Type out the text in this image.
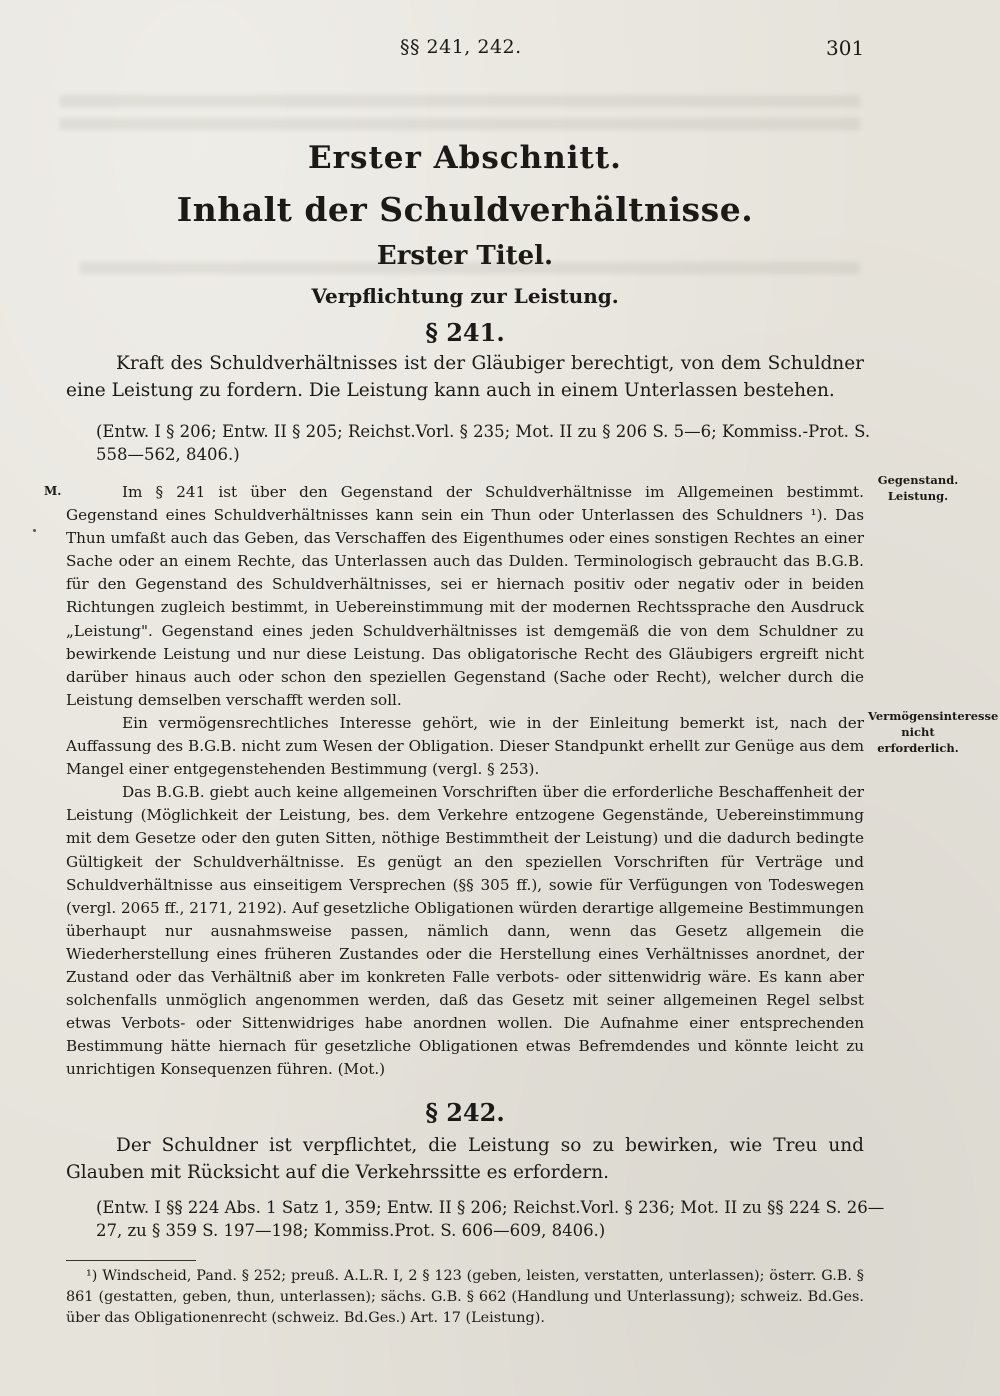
§§ 241, 242.	301
Erster Abschnitt.
Inhalt der Schuldverhältnisse.
Erster Titel.
Verpflichtung zur Leistung.
§ 241.
Kraft des Schuldverhältnisses ist der Gläubiger berechtigt, von dem Schuldner eine Leistung zu fordern. Die Leistung kann auch in einem Unterlassen bestehen.
(Entw. I § 206; Entw. II § 205; Reichst.Vorl. § 235; Mot. II zu § 206 S. 5—6; Kommiss.-Prot. S. 558—562, 8406.)
M.
Gegenstand. Leistung.
Vermögensinteresse nicht erforderlich.

Im § 241 ist über den Gegenstand der Schuldverhältnisse im Allgemeinen bestimmt. Gegenstand eines Schuldverhältnisses kann sein ein Thun oder Unterlassen des Schuldners ¹). Das Thun umfaßt auch das Geben, das Verschaffen des Eigenthumes oder eines sonstigen Rechtes an einer Sache oder an einem Rechte, das Unterlassen auch das Dulden. Terminologisch gebraucht das B.G.B. für den Gegenstand des Schuldverhältnisses, sei er hiernach positiv oder negativ oder in beiden Richtungen zugleich bestimmt, in Uebereinstimmung mit der modernen Rechtssprache den Ausdruck „Leistung". Gegenstand eines jeden Schuldverhältnisses ist demgemäß die von dem Schuldner zu bewirkende Leistung und nur diese Leistung. Das obligatorische Recht des Gläubigers ergreift nicht darüber hinaus auch oder schon den speziellen Gegenstand (Sache oder Recht), welcher durch die Leistung demselben verschafft werden soll.

Ein vermögensrechtliches Interesse gehört, wie in der Einleitung bemerkt ist, nach der Auffassung des B.G.B. nicht zum Wesen der Obligation. Dieser Standpunkt erhellt zur Genüge aus dem Mangel einer entgegenstehenden Bestimmung (vergl. § 253).

Das B.G.B. giebt auch keine allgemeinen Vorschriften über die erforderliche Beschaffenheit der Leistung (Möglichkeit der Leistung, bes. dem Verkehre entzogene Gegenstände, Uebereinstimmung mit dem Gesetze oder den guten Sitten, nöthige Bestimmtheit der Leistung) und die dadurch bedingte Gültigkeit der Schuldverhältnisse. Es genügt an den speziellen Vorschriften für Verträge und Schuldverhältnisse aus einseitigem Versprechen (§§ 305 ff.), sowie für Verfügungen von Todeswegen (vergl. 2065 ff., 2171, 2192). Auf gesetzliche Obligationen würden derartige allgemeine Bestimmungen überhaupt nur ausnahmsweise passen, nämlich dann, wenn das Gesetz allgemein die Wiederherstellung eines früheren Zustandes oder die Herstellung eines Verhältnisses anordnet, der Zustand oder das Verhältniß aber im konkreten Falle verbots- oder sittenwidrig wäre. Es kann aber solchenfalls unmöglich angenommen werden, daß das Gesetz mit seiner allgemeinen Regel selbst etwas Verbots- oder Sittenwidriges habe anordnen wollen. Die Aufnahme einer entsprechenden Bestimmung hätte hiernach für gesetzliche Obligationen etwas Befremdendes und könnte leicht zu unrichtigen Konsequenzen führen. (Mot.)

§ 242.
Der Schuldner ist verpflichtet, die Leistung so zu bewirken, wie Treu und Glauben mit Rücksicht auf die Verkehrssitte es erfordern.
(Entw. I §§ 224 Abs. 1 Satz 1, 359; Entw. II § 206; Reichst.Vorl. § 236; Mot. II zu §§ 224 S. 26—27, zu § 359 S. 197—198; Kommiss.Prot. S. 606—609, 8406.)

¹) Windscheid, Pand. § 252; preuß. A.L.R. I, 2 § 123 (geben, leisten, verstatten, unterlassen); österr. G.B. § 861 (gestatten, geben, thun, unterlassen); sächs. G.B. § 662 (Handlung und Unterlassung); schweiz. Bd.Ges. über das Obligationenrecht (schweiz. Bd.Ges.) Art. 17 (Leistung).
